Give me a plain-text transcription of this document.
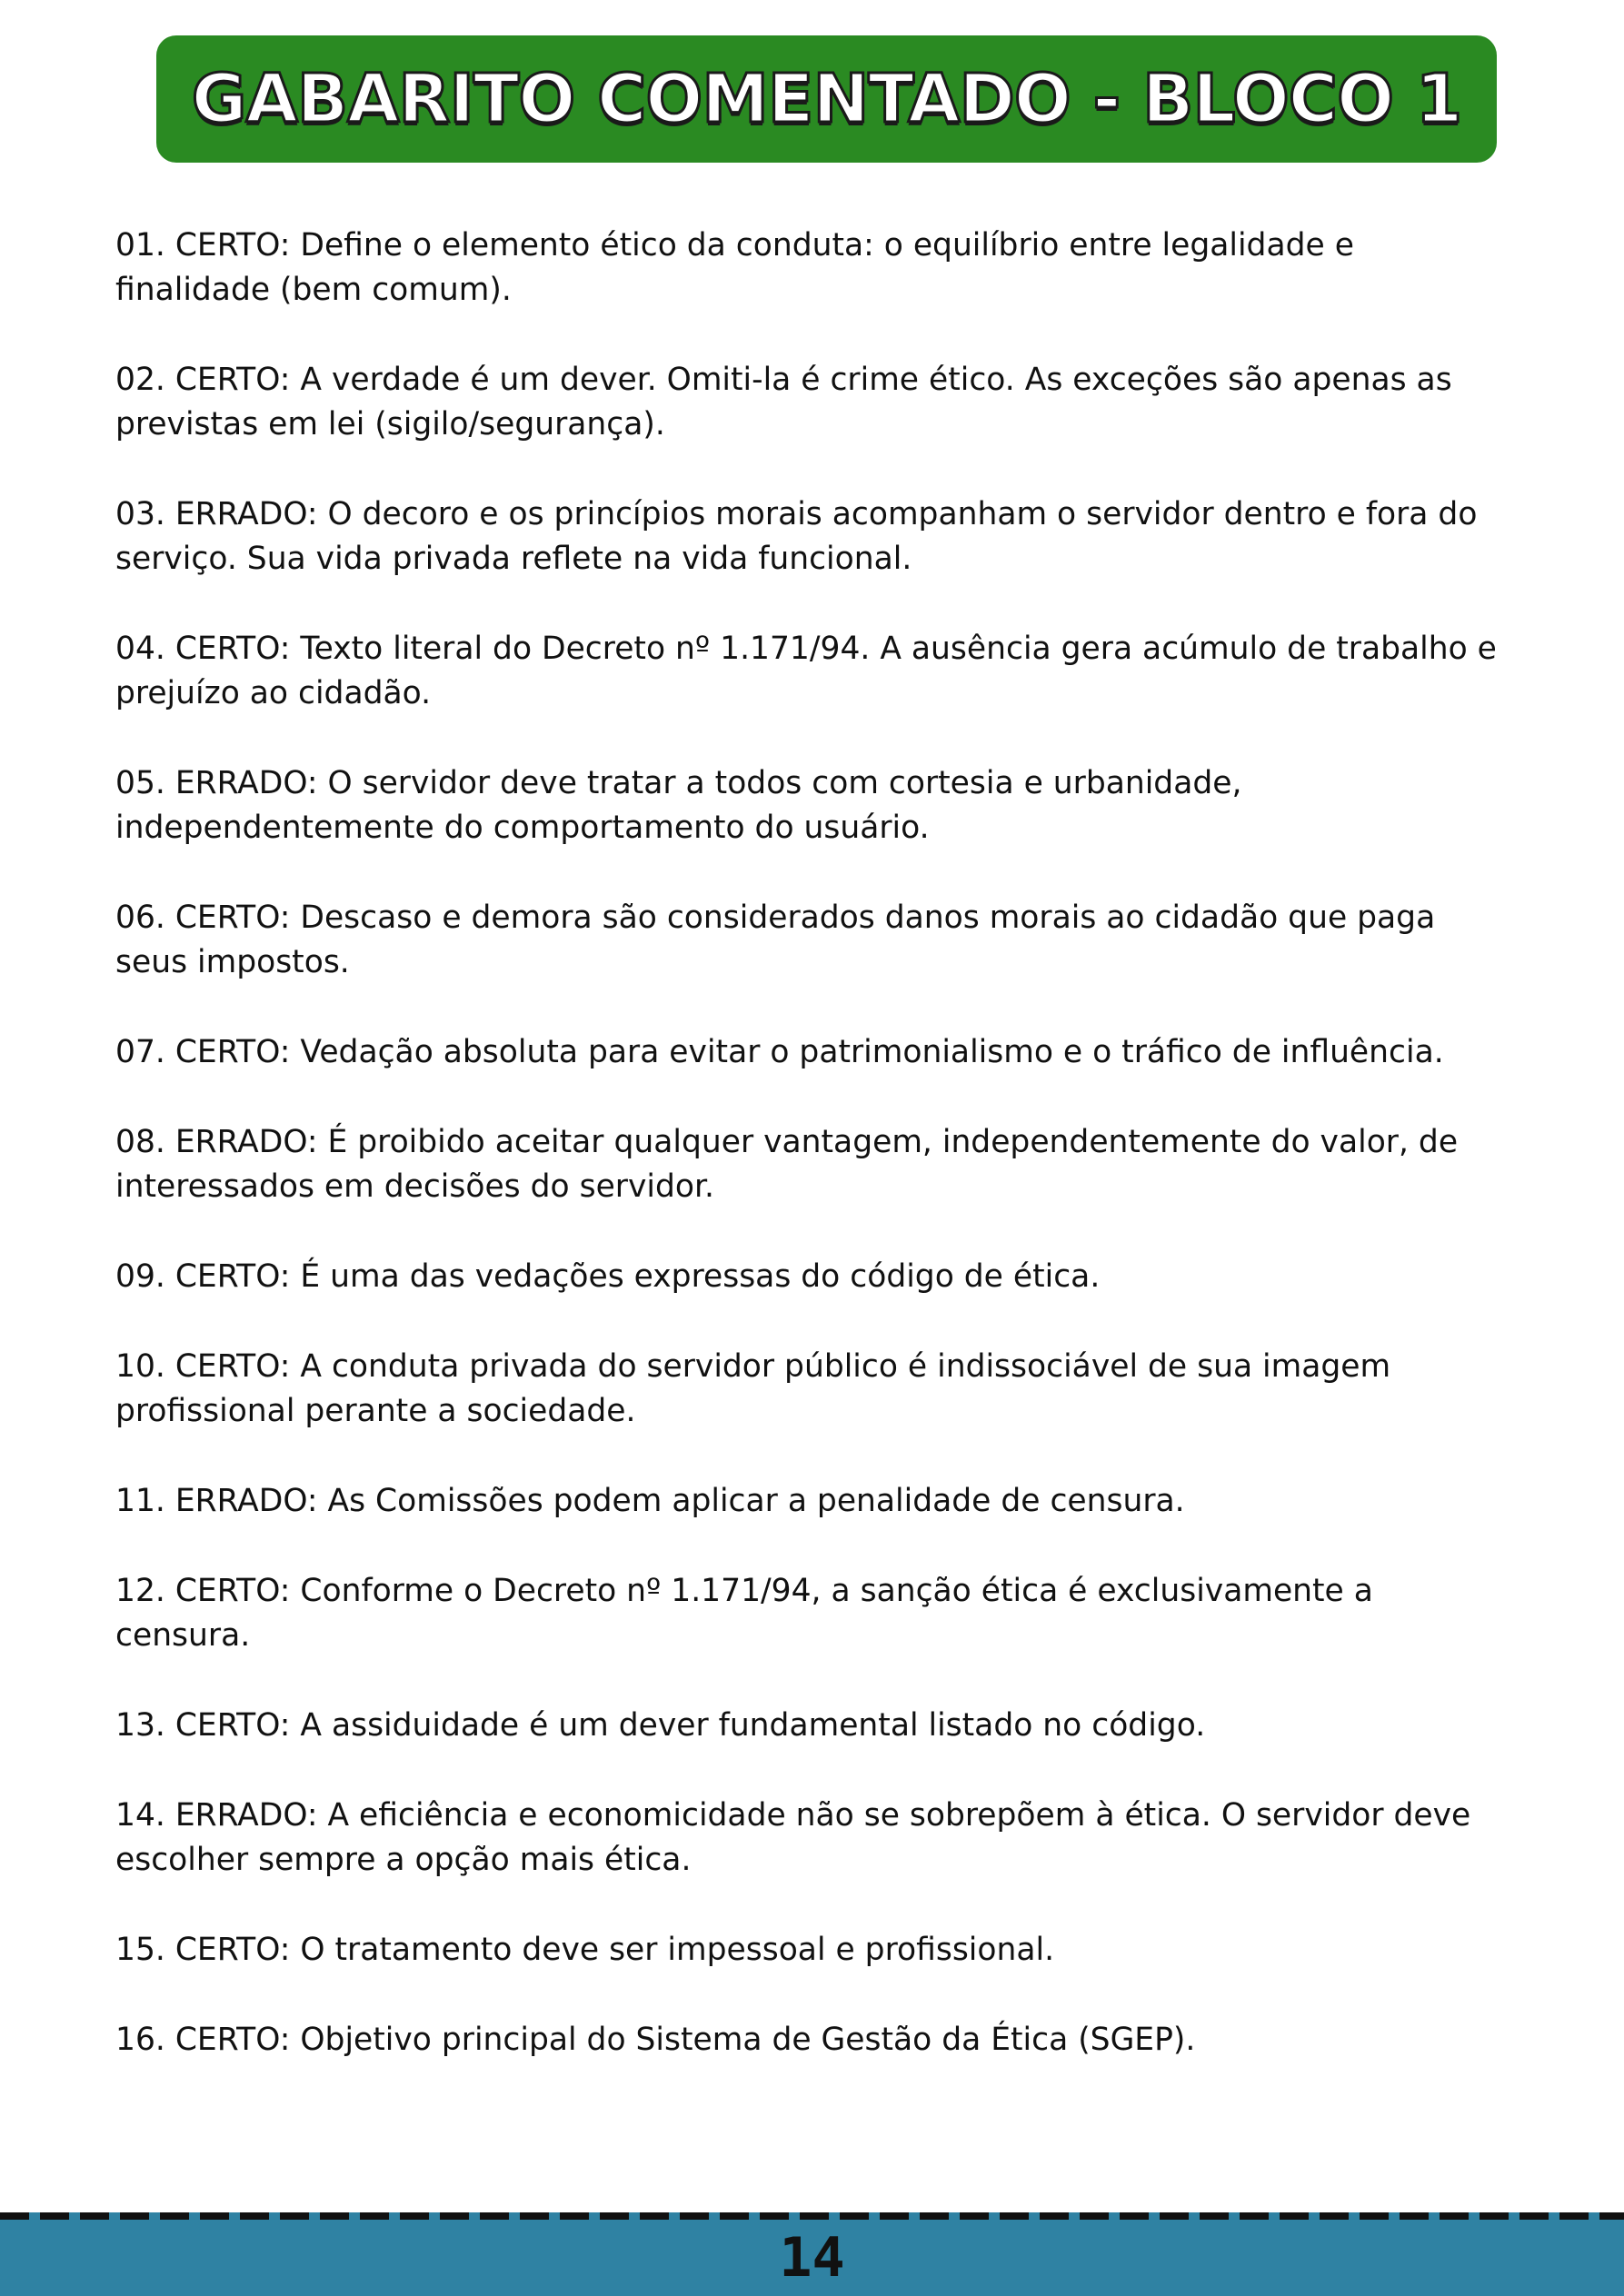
GABARITO COMENTADO - BLOCO 1
01. CERTO: Define o elemento ético da conduta: o equilíbrio entre legalidade e finalidade (bem comum).
02. CERTO: A verdade é um dever. Omiti-la é crime ético. As exceções são apenas as previstas em lei (sigilo/segurança).
03. ERRADO: O decoro e os princípios morais acompanham o servidor dentro e fora do serviço. Sua vida privada reflete na vida funcional.
04. CERTO: Texto literal do Decreto nº 1.171/94. A ausência gera acúmulo de trabalho e prejuízo ao cidadão.
05. ERRADO: O servidor deve tratar a todos com cortesia e urbanidade, independentemente do comportamento do usuário.
06. CERTO: Descaso e demora são considerados danos morais ao cidadão que paga seus impostos.
07. CERTO: Vedação absoluta para evitar o patrimonialismo e o tráfico de influência.
08. ERRADO: É proibido aceitar qualquer vantagem, independentemente do valor, de interessados em decisões do servidor.
09. CERTO: É uma das vedações expressas do código de ética.
10. CERTO: A conduta privada do servidor público é indissociável de sua imagem profissional perante a sociedade.
11. ERRADO: As Comissões podem aplicar a penalidade de censura.
12. CERTO: Conforme o Decreto nº 1.171/94, a sanção ética é exclusivamente a censura.
13. CERTO: A assiduidade é um dever fundamental listado no código.
14. ERRADO: A eficiência e economicidade não se sobrepõem à ética. O servidor deve escolher sempre a opção mais ética.
15. CERTO: O tratamento deve ser impessoal e profissional.
16. CERTO: Objetivo principal do Sistema de Gestão da Ética (SGEP).
14
